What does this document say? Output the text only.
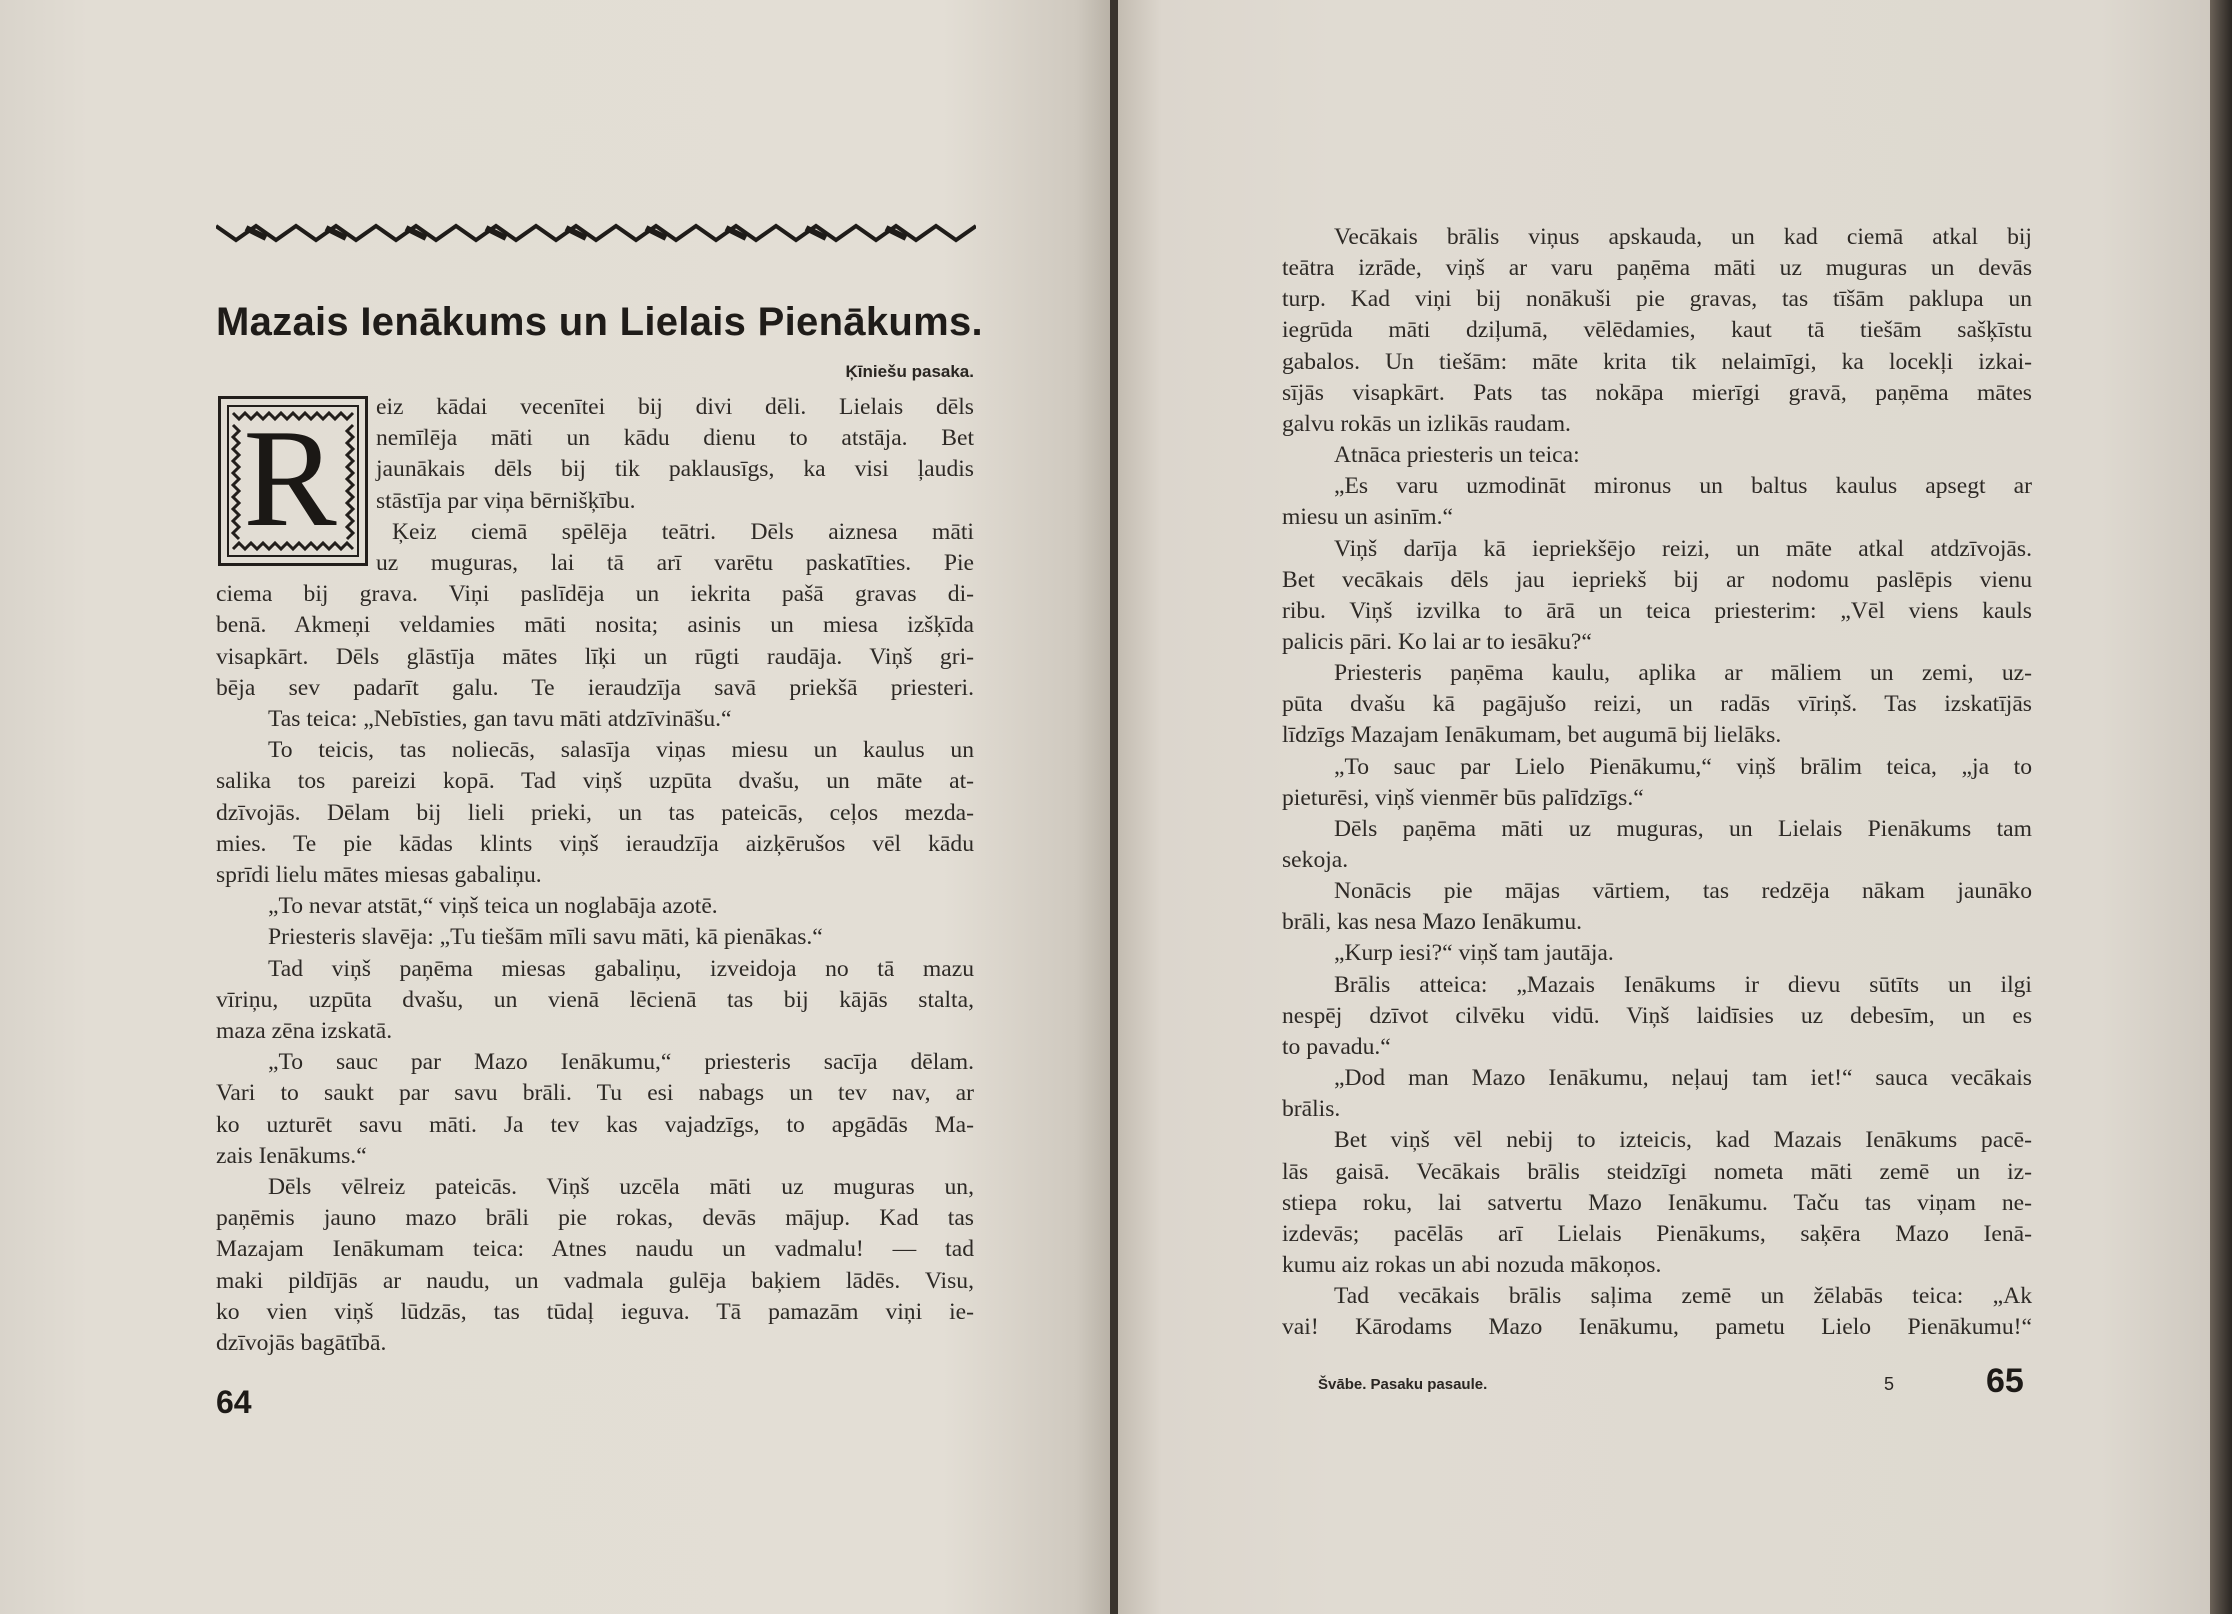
Mazais Ienākums un Lielais Pienākums.
Ķīniešu pasaka.
R	eiz kādai vecenītei bij divi dēli. Lielais dēls
nemīlēja māti un kādu dienu to atstāja. Bet
jaunākais dēls bij tik paklausīgs, ka visi ļaudis
stāstīja par viņa bērnišķību.
Ķeiz ciemā spēlēja teātri. Dēls aiznesa māti
uz muguras, lai tā arī varētu paskatīties. Pie
ciema bij grava. Viņi paslīdēja un iekrita pašā gravas di-
benā. Akmeņi veldamies māti nosita; asinis un miesa izšķīda
visapkārt. Dēls glāstīja mātes līķi un rūgti raudāja. Viņš gri-
bēja sev padarīt galu. Te ieraudzīja savā priekšā priesteri.
Tas teica: „Nebīsties, gan tavu māti atdzīvināšu.“
To teicis, tas noliecās, salasīja viņas miesu un kaulus un
salika tos pareizi kopā. Tad viņš uzpūta dvašu, un māte at-
dzīvojās. Dēlam bij lieli prieki, un tas pateicās, ceļos mezda-
mies. Te pie kādas klints viņš ieraudzīja aizķērušos vēl kādu
sprīdi lielu mātes miesas gabaliņu.
„To nevar atstāt,“ viņš teica un noglabāja azotē.
Priesteris slavēja: „Tu tiešām mīli savu māti, kā pienākas.“
Tad viņš paņēma miesas gabaliņu, izveidoja no tā mazu
vīriņu, uzpūta dvašu, un vienā lēcienā tas bij kājās stalta,
maza zēna izskatā.
„To sauc par Mazo Ienākumu,“ priesteris sacīja dēlam.
Vari to saukt par savu brāli. Tu esi nabags un tev nav, ar
ko uzturēt savu māti. Ja tev kas vajadzīgs, to apgādās Ma-
zais Ienākums.“
Dēls vēlreiz pateicās. Viņš uzcēla māti uz muguras un,
paņēmis jauno mazo brāli pie rokas, devās mājup. Kad tas
Mazajam Ienākumam teica: Atnes naudu un vadmalu! — tad
maki pildījās ar naudu, un vadmala gulēja baķiem lādēs. Visu,
ko vien viņš lūdzās, tas tūdaļ ieguva. Tā pamazām viņi ie-
dzīvojās bagātībā.
64
Vecākais brālis viņus apskauda, un kad ciemā atkal bij
teātra izrāde, viņš ar varu paņēma māti uz muguras un devās
turp. Kad viņi bij nonākuši pie gravas, tas tīšām paklupa un
iegrūda māti dziļumā, vēlēdamies, kaut tā tiešām sašķīstu
gabalos. Un tiešām: māte krita tik nelaimīgi, ka locekļi izkai-
sījās visapkārt. Pats tas nokāpa mierīgi gravā, paņēma mātes
galvu rokās un izlikās raudam.
Atnāca priesteris un teica:
„Es varu uzmodināt mironus un baltus kaulus apsegt ar
miesu un asinīm.“
Viņš darīja kā iepriekšējo reizi, un māte atkal atdzīvojās.
Bet vecākais dēls jau iepriekš bij ar nodomu paslēpis vienu
ribu. Viņš izvilka to ārā un teica priesterim: „Vēl viens kauls
palicis pāri. Ko lai ar to iesāku?“
Priesteris paņēma kaulu, aplika ar māliem un zemi, uz-
pūta dvašu kā pagājušo reizi, un radās vīriņš. Tas izskatījās
līdzīgs Mazajam Ienākumam, bet augumā bij lielāks.
„To sauc par Lielo Pienākumu,“ viņš brālim teica, „ja to
pieturēsi, viņš vienmēr būs palīdzīgs.“
Dēls paņēma māti uz muguras, un Lielais Pienākums tam
sekoja.
Nonācis pie mājas vārtiem, tas redzēja nākam jaunāko
brāli, kas nesa Mazo Ienākumu.
„Kurp iesi?“ viņš tam jautāja.
Brālis atteica: „Mazais Ienākums ir dievu sūtīts un ilgi
nespēj dzīvot cilvēku vidū. Viņš laidīsies uz debesīm, un es
to pavadu.“
„Dod man Mazo Ienākumu, neļauj tam iet!“ sauca vecākais
brālis.
Bet viņš vēl nebij to izteicis, kad Mazais Ienākums pacē-
lās gaisā. Vecākais brālis steidzīgi nometa māti zemē un iz-
stiepa roku, lai satvertu Mazo Ienākumu. Taču tas viņam ne-
izdevās; pacēlās arī Lielais Pienākums, saķēra Mazo Ienā-
kumu aiz rokas un abi nozuda mākoņos.
Tad vecākais brālis saļima zemē un žēlabās teica: „Ak
vai! Kārodams Mazo Ienākumu, pametu Lielo Pienākumu!“
Švābe. Pasaku pasaule.	5	65
